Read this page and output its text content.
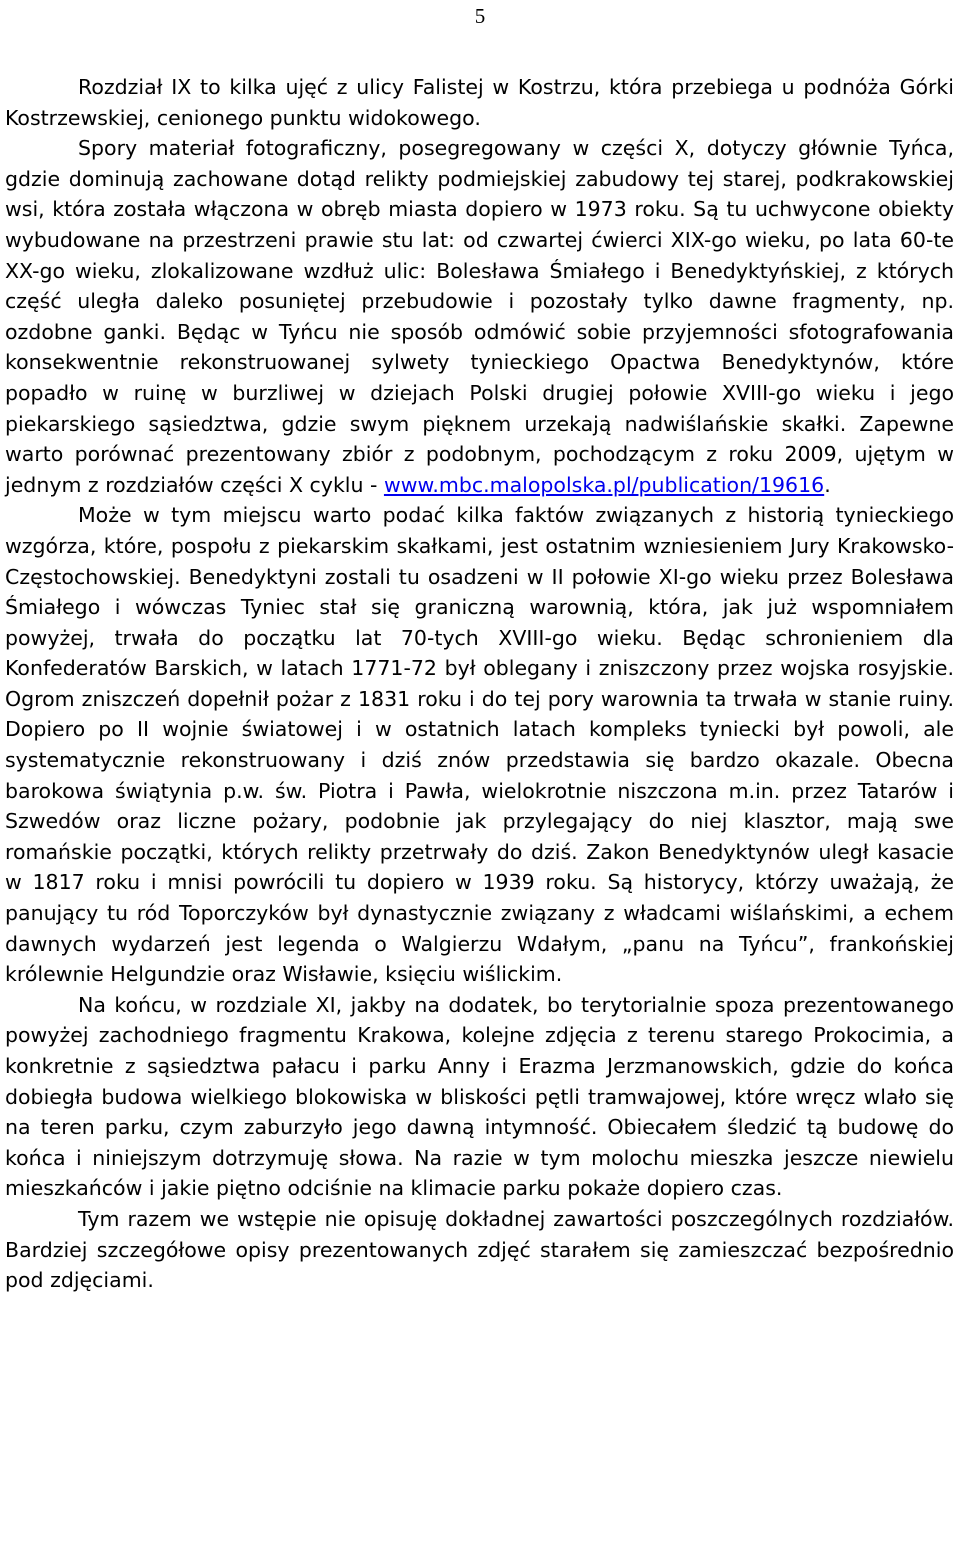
5

Rozdział IX to kilka ujęć z ulicy Falistej w Kostrzu, która przebiega u podnóża Górki Kostrzewskiej, cenionego punktu widokowego.

Spory materiał fotograficzny, posegregowany w części X, dotyczy głównie Tyńca, gdzie dominują zachowane dotąd relikty podmiejskiej zabudowy tej starej, podkrakowskiej wsi, która została włączona w obręb miasta dopiero w 1973 roku. Są tu uchwycone obiekty wybudowane na przestrzeni prawie stu lat: od czwartej ćwierci XIX-go wieku, po lata 60-te XX-go wieku, zlokalizowane wzdłuż ulic: Bolesława Śmiałego i Benedyktyńskiej, z których część uległa daleko posuniętej przebudowie i pozostały tylko dawne fragmenty, np. ozdobne ganki. Będąc w Tyńcu nie sposób odmówić sobie przyjemności sfotografowania konsekwentnie rekonstruowanej sylwety tynieckiego Opactwa Benedyktynów, które popadło w ruinę w burzliwej w dziejach Polski drugiej połowie XVIII-go wieku i jego piekarskiego sąsiedztwa, gdzie swym pięknem urzekają nadwiślańskie skałki. Zapewne warto porównać prezentowany zbiór z podobnym, pochodzącym z roku 2009, ujętym w jednym z rozdziałów części X cyklu - www.mbc.malopolska.pl/publication/19616.

Może w tym miejscu warto podać kilka faktów związanych z historią tynieckiego wzgórza, które, pospołu z piekarskim skałkami, jest ostatnim wzniesieniem Jury Krakowsko-Częstochowskiej. Benedyktyni zostali tu osadzeni w II połowie XI-go wieku przez Bolesława Śmiałego i wówczas Tyniec stał się graniczną warownią, która, jak już wspomniałem powyżej, trwała do początku lat 70-tych XVIII-go wieku. Będąc schronieniem dla Konfederatów Barskich, w latach 1771-72 był oblegany i zniszczony przez wojska rosyjskie. Ogrom zniszczeń dopełnił pożar z 1831 roku i do tej pory warownia ta trwała w stanie ruiny. Dopiero po II wojnie światowej i w ostatnich latach kompleks tyniecki był powoli, ale systematycznie rekonstruowany i dziś znów przedstawia się bardzo okazale. Obecna barokowa świątynia p.w. św. Piotra i Pawła, wielokrotnie niszczona m.in. przez Tatarów i Szwedów oraz liczne pożary, podobnie jak przylegający do niej klasztor, mają swe romańskie początki, których relikty przetrwały do dziś. Zakon Benedyktynów uległ kasacie w 1817 roku i mnisi powrócili tu dopiero w 1939 roku. Są historycy, którzy uważają, że panujący tu ród Toporczyków był dynastycznie związany z władcami wiślańskimi, a echem dawnych wydarzeń jest legenda o Walgierzu Wdałym, „panu na Tyńcu”, frankońskiej królewnie Helgundzie oraz Wisławie, księciu wiślickim.

Na końcu, w rozdziale XI, jakby na dodatek, bo terytorialnie spoza prezentowanego powyżej zachodniego fragmentu Krakowa, kolejne zdjęcia z terenu starego Prokocimia, a konkretnie z sąsiedztwa pałacu i parku Anny i Erazma Jerzmanowskich, gdzie do końca dobiegła budowa wielkiego blokowiska w bliskości pętli tramwajowej, które wręcz wlało się na teren parku, czym zaburzyło jego dawną intymność. Obiecałem śledzić tą budowę do końca i niniejszym dotrzymuję słowa. Na razie w tym molochu mieszka jeszcze niewielu mieszkańców i jakie piętno odciśnie na klimacie parku pokaże dopiero czas.

Tym razem we wstępie nie opisuję dokładnej zawartości poszczególnych rozdziałów. Bardziej szczegółowe opisy prezentowanych zdjęć starałem się zamieszczać bezpośrednio pod zdjęciami.
